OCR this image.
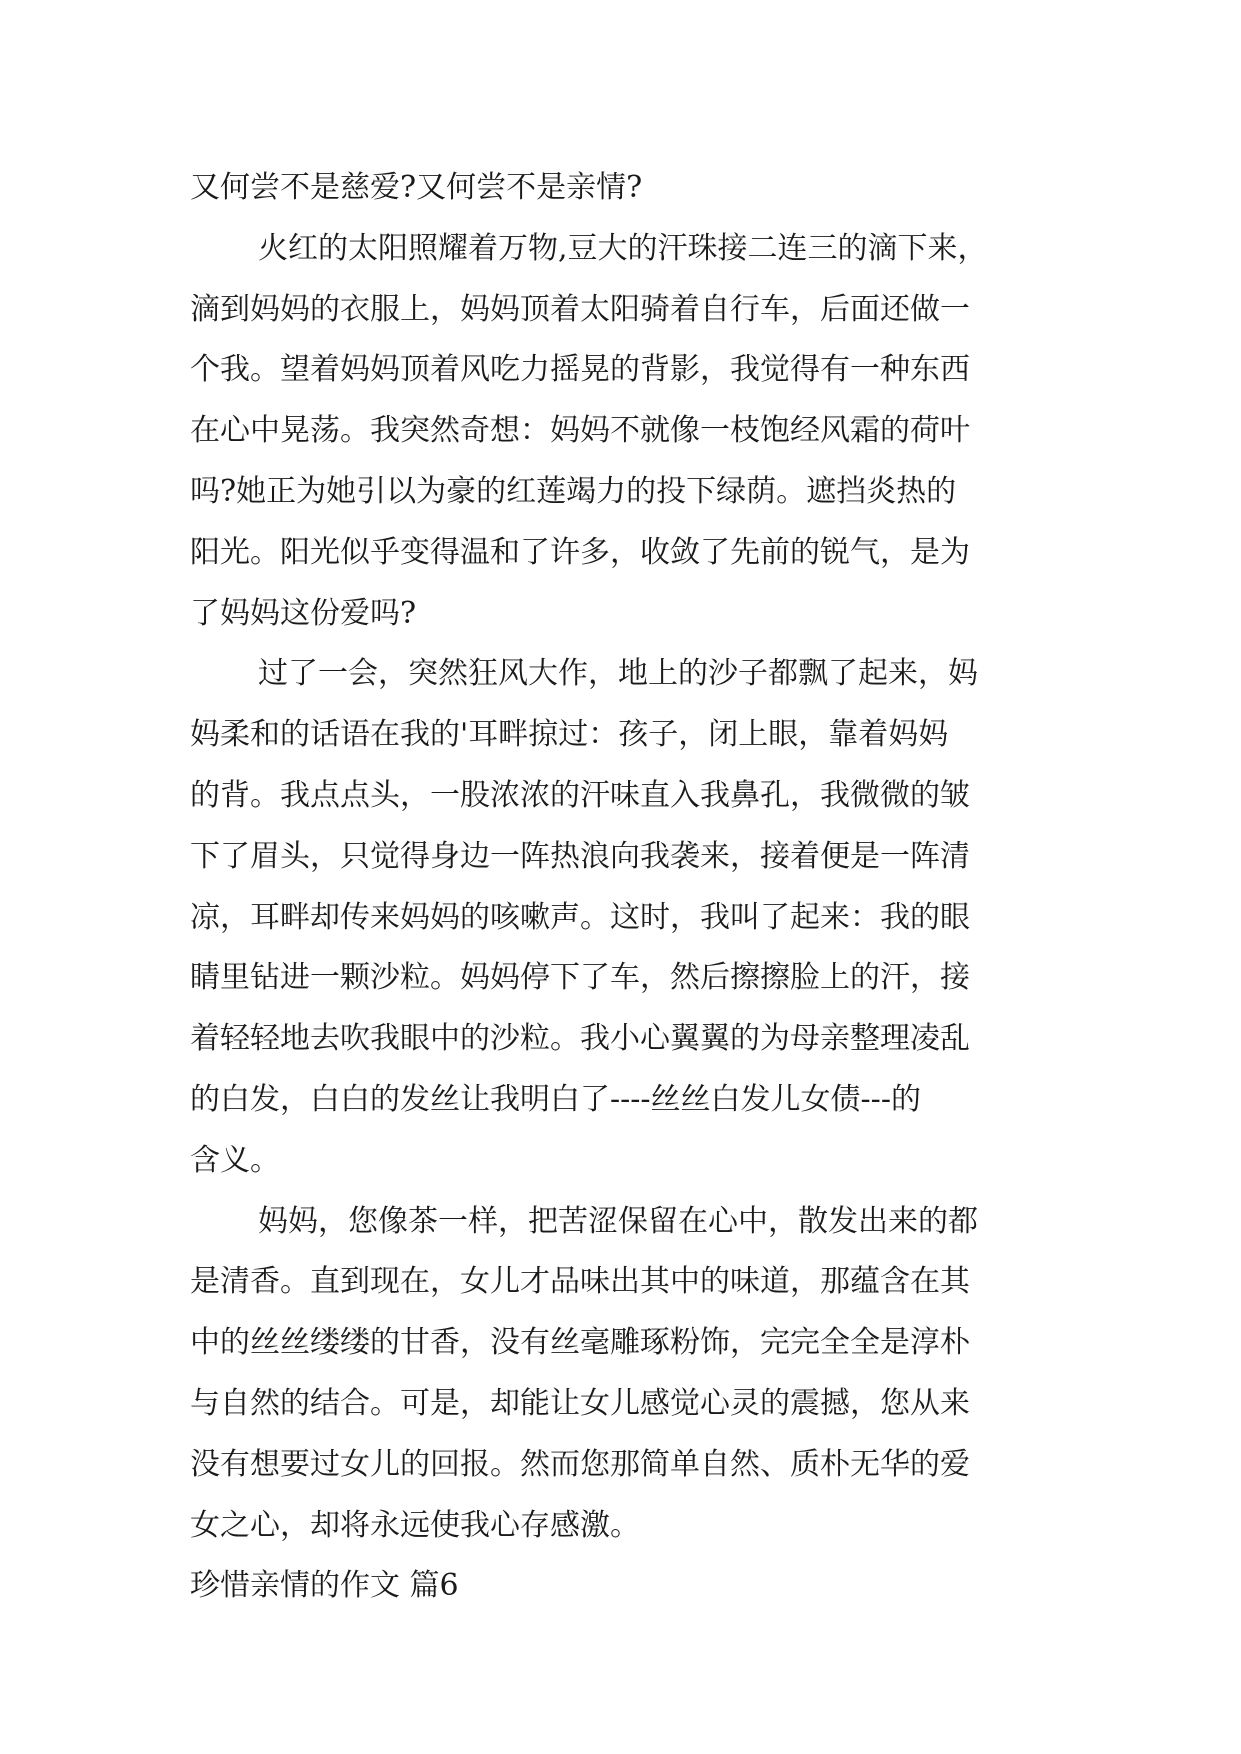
又何尝不是慈爱?又何尝不是亲情?
火红的太阳照耀着万物,豆大的汗珠接二连三的滴下来，
滴到妈妈的衣服上，妈妈顶着太阳骑着自行车，后面还做一
个我。望着妈妈顶着风吃力摇晃的背影，我觉得有一种东西
在心中晃荡。我突然奇想：妈妈不就像一枝饱经风霜的荷叶
吗?她正为她引以为豪的红莲竭力的投下绿荫。遮挡炎热的
阳光。阳光似乎变得温和了许多，收敛了先前的锐气，是为
了妈妈这份爱吗?
过了一会，突然狂风大作，地上的沙子都飘了起来，妈
妈柔和的话语在我的'耳畔掠过：孩子，闭上眼，靠着妈妈
的背。我点点头，一股浓浓的汗味直入我鼻孔，我微微的皱
下了眉头，只觉得身边一阵热浪向我袭来，接着便是一阵清
凉，耳畔却传来妈妈的咳嗽声。这时，我叫了起来：我的眼
睛里钻进一颗沙粒。妈妈停下了车，然后擦擦脸上的汗，接
着轻轻地去吹我眼中的沙粒。我小心翼翼的为母亲整理凌乱
的白发，白白的发丝让我明白了----丝丝白发儿女债---的
含义。
妈妈，您像茶一样，把苦涩保留在心中，散发出来的都
是清香。直到现在，女儿才品味出其中的味道，那蕴含在其
中的丝丝缕缕的甘香，没有丝毫雕琢粉饰，完完全全是淳朴
与自然的结合。可是，却能让女儿感觉心灵的震撼，您从来
没有想要过女儿的回报。然而您那简单自然、质朴无华的爱
女之心，却将永远使我心存感激。
珍惜亲情的作文 篇6
